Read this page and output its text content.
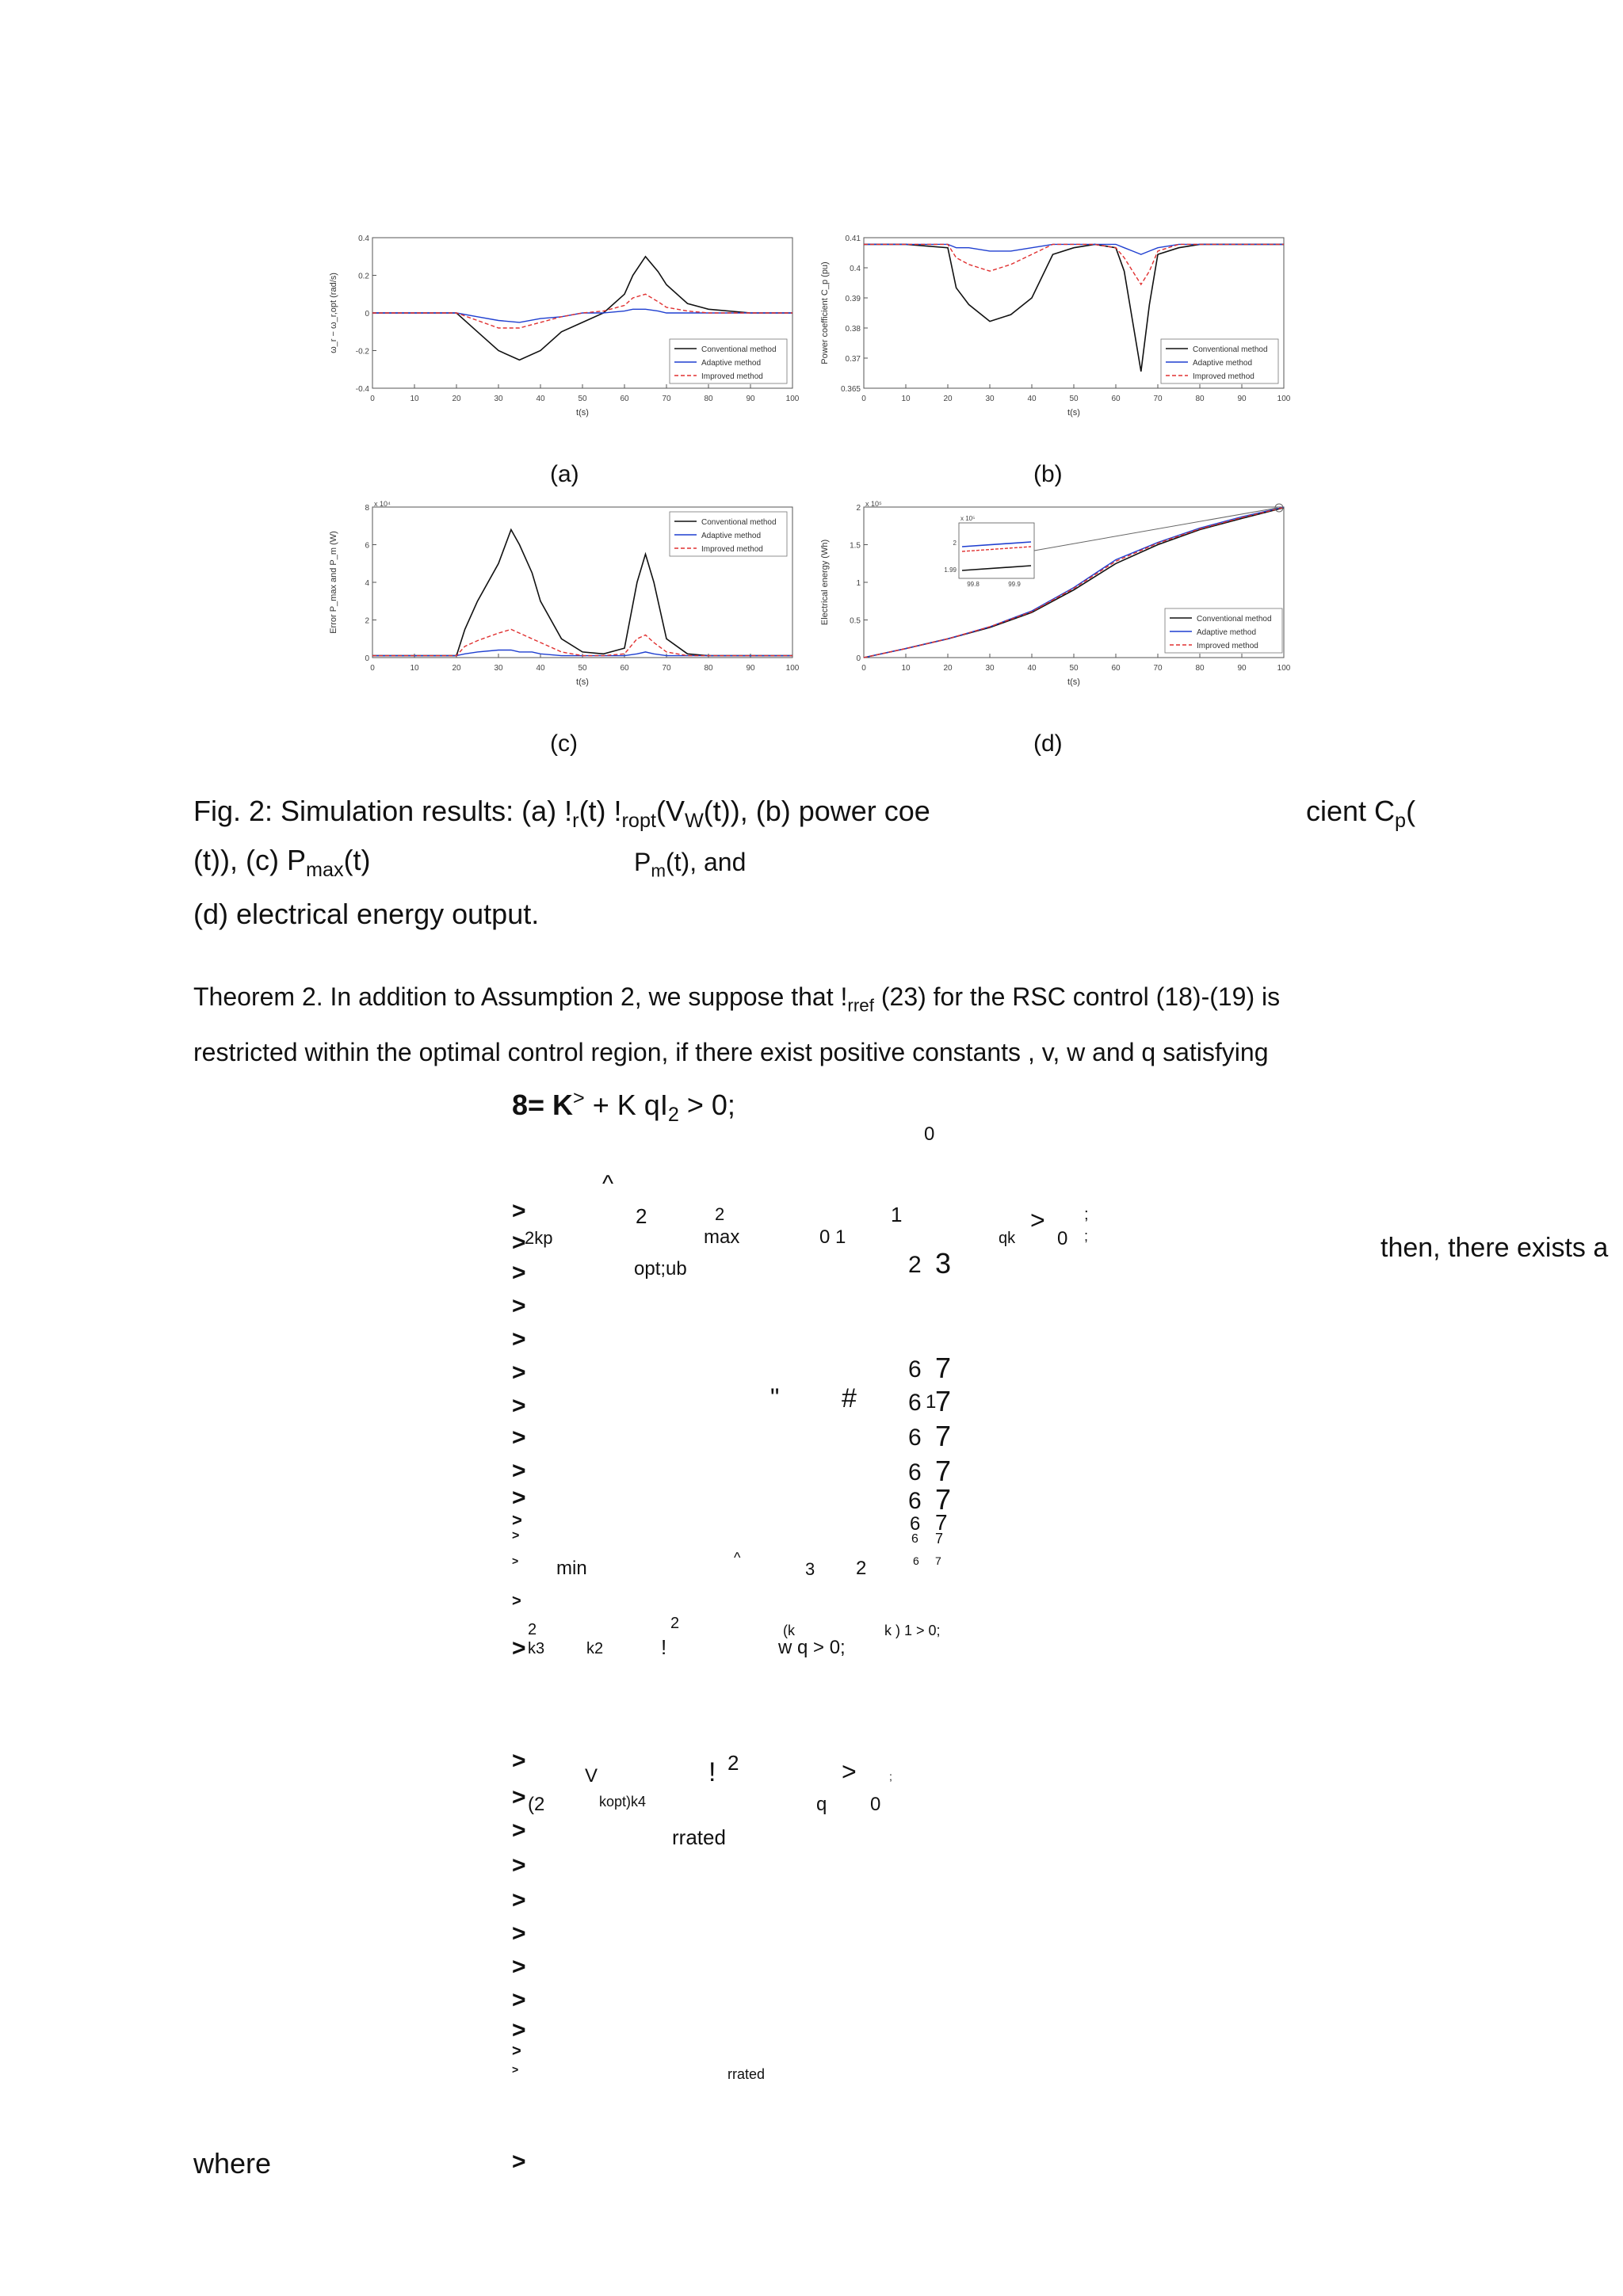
0	10	20	30	40	50	60	70	80	90	100
0.4
0.2
0
-0.2
-0.4
t(s)
ω_r − ω_r,opt (rad/s)	Conventional method
Adaptive method
Improved method
0	10	20	30	40	50	60	70	80	90	100
0.41
0.4
0.39
0.38
0.37
0.365
t(s)
Power coefficient C_p (pu)	Conventional method
Adaptive method
Improved method
(a)	(b)
0	10	20	30	40	50	60	70	80	90	100
8
6
4
2
0
t(s)
Error P_max and P_m (W)
x 10⁴
Conventional method
Adaptive method
Improved method
0	10	20	30	40	50	60	70	80	90	100
2
1.5
1
0.5
0
t(s)
Electrical energy (Wh)
x 10⁵
Conventional method
Adaptive method
Improved method
x 10⁵
2
1.99
99.8	99.9
(c)	(d)
Fig. 2: Simulation results: (a) $!_r(t)$ $!_{ropt}(V_W(t))$, (b) power coe	cient $C_p$(
(t)), (c) $P_{max}(t)$	$P_m(t)$, and
(d) electrical energy output.
Theorem 2. In addition to Assumption 2, we suppose that $!_{rref}$ (23) for the RSC control (18)-(19) is
restricted within the optimal control region, if there exist positive constants , v, w and q satisfying
8= K> + K $qI_2 > 0$;
then, there exists a
where
0
^
2	2	1	> ;
2kp	max	0 1	qk 0 ;
opt;ub	2 3
6 7
" # 6 1
7
6 7
6 7
6 7
6 7
6 7
min	^
3 2	6 7
2	2	(k	k ) 1 > 0;
k3	k2	!	w q > 0;
V	! 2	>	;
(2	kopt)k4	q 0
rrated
rrated
>
>
>
>
>
>
>
>
>
>
>
>
>
>
>
>
>
>
>
>
>
>
>
>
>
>
>
